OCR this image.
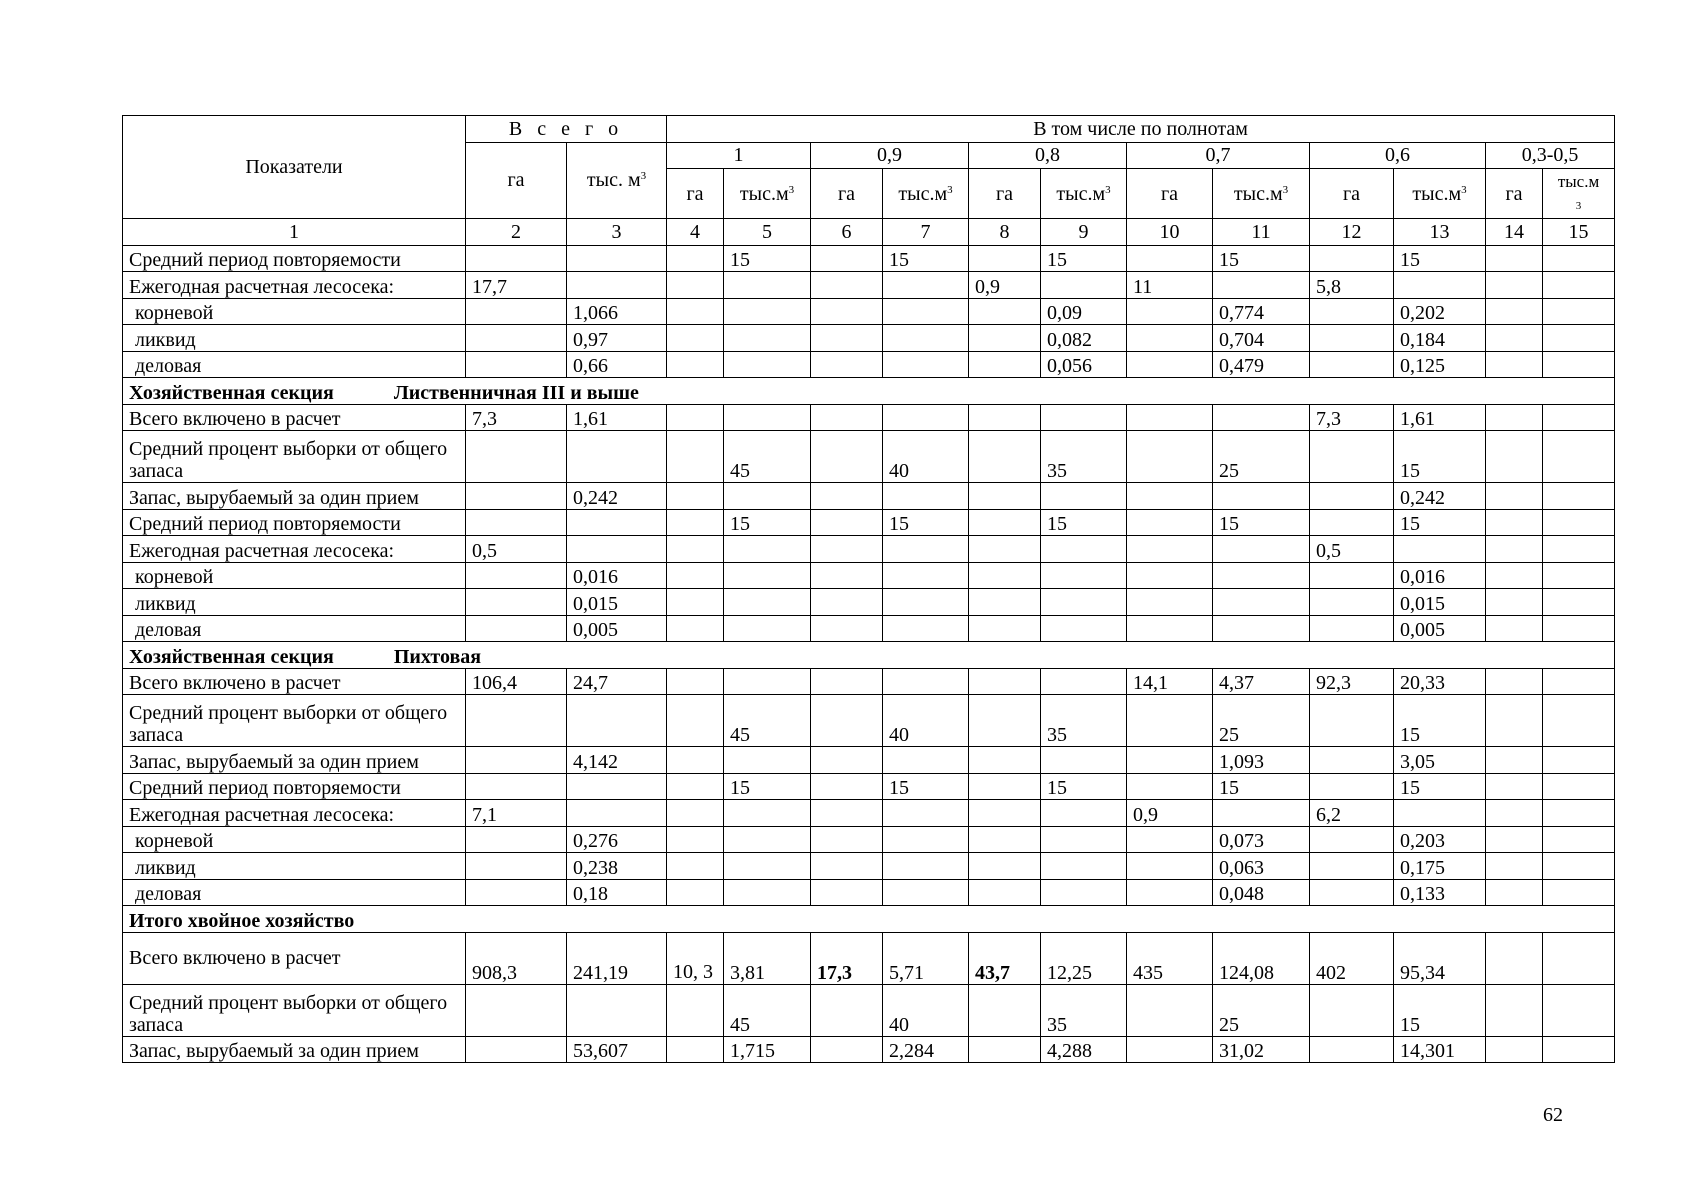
Показатели	В с е г о		В том числе по полнотам											
	га	тыс. $м^3$	1		0,9		0,8		0,7		0,6		0,3-0,5	
			га	$тыс.м^3$	га	$тыс.м^3$	га	$тыс.м^3$	га	$тыс.м^3$	га	$тыс.м^3$	га	тыс.м
3
1	2	3	4	5	6	7	8	9	10	11	12	13	14	15
Средний период повторяемости				15		15		15		15		15		
Ежегодная расчетная лесосека:	17,7						0,9		11		5,8			
корневой		1,066						0,09		0,774		0,202		
ликвид		0,97						0,082		0,704		0,184		
деловая		0,66						0,056		0,479		0,125		
Хозяйственная секция Лиственничная III и выше														
Всего включено в расчет	7,3	1,61									7,3	1,61		
Средний процент выборки от общего запаса				45		40		35		25		15		
Запас, вырубаемый за один прием		0,242										0,242		
Средний период повторяемости				15		15		15		15		15		
Ежегодная расчетная лесосека:	0,5										0,5			
корневой		0,016										0,016		
ликвид		0,015										0,015		
деловая		0,005										0,005		
Хозяйственная секция Пихтовая														
Всего включено в расчет	106,4	24,7							14,1	4,37	92,3	20,33		
Средний процент выборки от общего запаса				45		40		35		25		15		
Запас, вырубаемый за один прием		4,142								1,093		3,05		
Средний период повторяемости				15		15		15		15		15		
Ежегодная расчетная лесосека:	7,1								0,9		6,2			
корневой		0,276								0,073		0,203		
ликвид		0,238								0,063		0,175		
деловая		0,18								0,048		0,133		
Итого хвойное хозяйство														
Всего включено в расчет	908,3	241,19	10, 3	3,81	17,3	5,71	43,7	12,25	435	124,08	402	95,34		
Средний процент выборки от общего запаса				45		40		35		25		15		
Запас, вырубаемый за один прием		53,607		1,715		2,284		4,288		31,02		14,301		
62
